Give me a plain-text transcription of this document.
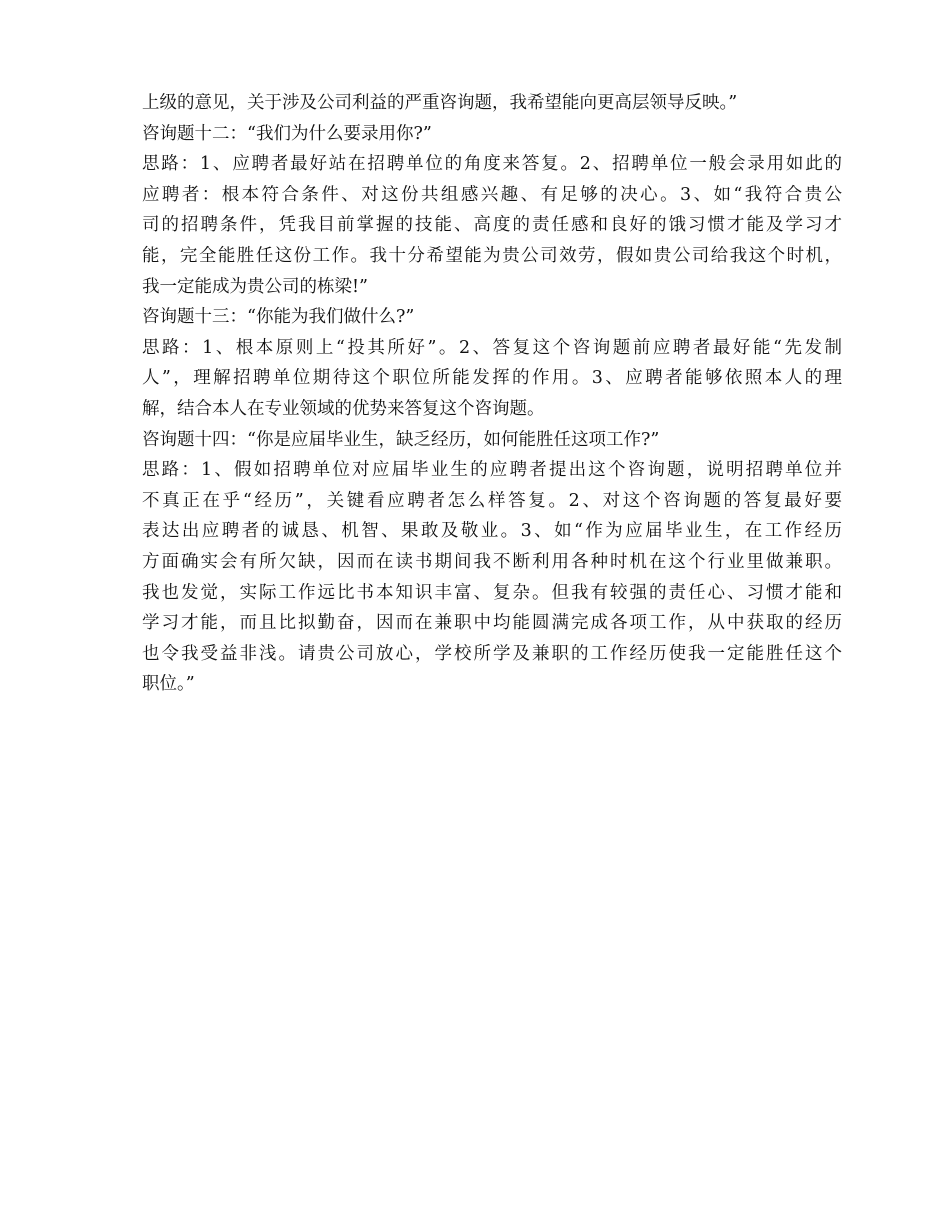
上级的意见，关于涉及公司利益的严重咨询题，我希望能向更高层领导反映。”
咨询题十二：“我们为什么要录用你?”
思路：1、应聘者最好站在招聘单位的角度来答复。2、招聘单位一般会录用如此的
应聘者：根本符合条件、对这份共组感兴趣、有足够的决心。3、如“我符合贵公
司的招聘条件，凭我目前掌握的技能、高度的责任感和良好的饿习惯才能及学习才
能，完全能胜任这份工作。我十分希望能为贵公司效劳，假如贵公司给我这个时机，
我一定能成为贵公司的栋梁!”
咨询题十三：“你能为我们做什么?”
思路：1、根本原则上“投其所好”。2、答复这个咨询题前应聘者最好能“先发制
人”，理解招聘单位期待这个职位所能发挥的作用。3、应聘者能够依照本人的理
解，结合本人在专业领域的优势来答复这个咨询题。
咨询题十四：“你是应届毕业生，缺乏经历，如何能胜任这项工作?”
思路：1、假如招聘单位对应届毕业生的应聘者提出这个咨询题，说明招聘单位并
不真正在乎“经历”，关键看应聘者怎么样答复。2、对这个咨询题的答复最好要
表达出应聘者的诚恳、机智、果敢及敬业。3、如“作为应届毕业生，在工作经历
方面确实会有所欠缺，因而在读书期间我不断利用各种时机在这个行业里做兼职。
我也发觉，实际工作远比书本知识丰富、复杂。但我有较强的责任心、习惯才能和
学习才能，而且比拟勤奋，因而在兼职中均能圆满完成各项工作，从中获取的经历
也令我受益非浅。请贵公司放心，学校所学及兼职的工作经历使我一定能胜任这个
职位。”
